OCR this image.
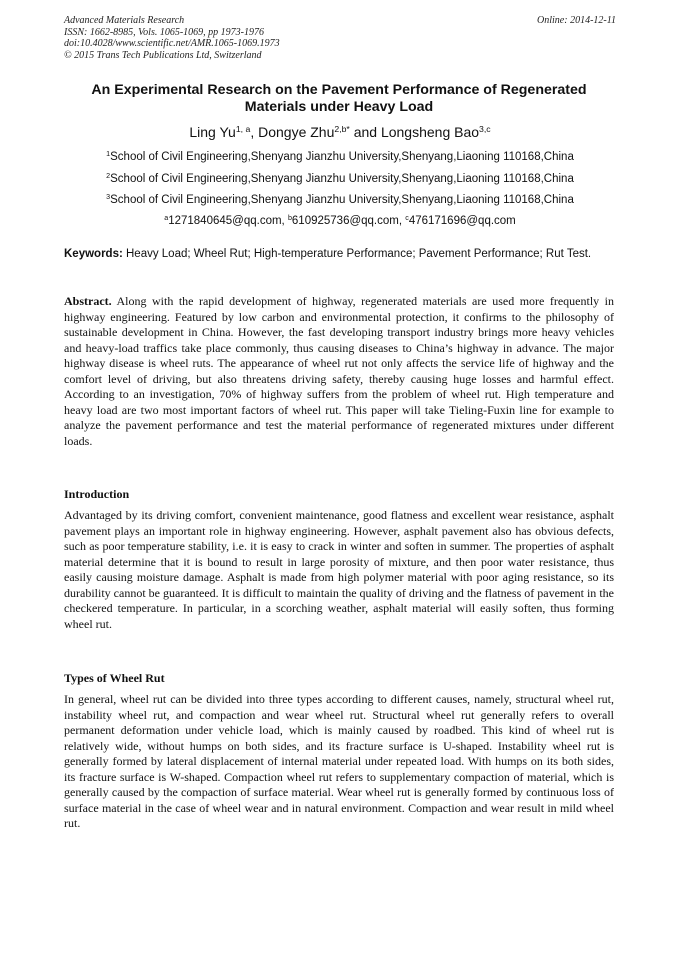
Advanced Materials Research
ISSN: 1662-8985, Vols. 1065-1069, pp 1973-1976
doi:10.4028/www.scientific.net/AMR.1065-1069.1973
© 2015 Trans Tech Publications Ltd, Switzerland
Online: 2014-12-11
An Experimental Research on the Pavement Performance of Regenerated Materials under Heavy Load
Ling Yu$^{1, a}$, Dongye Zhu$^{2,b*}$ and Longsheng Bao$^{3,c}$
$^1$School of Civil Engineering,Shenyang Jianzhu University,Shenyang,Liaoning 110168,China
$^2$School of Civil Engineering,Shenyang Jianzhu University,Shenyang,Liaoning 110168,China
$^3$School of Civil Engineering,Shenyang Jianzhu University,Shenyang,Liaoning 110168,China
$^a$1271840645@qq.com, $^b$610925736@qq.com, $^c$476171696@qq.com
Keywords: Heavy Load; Wheel Rut; High-temperature Performance; Pavement Performance; Rut Test.
Abstract. Along with the rapid development of highway, regenerated materials are used more frequently in highway engineering. Featured by low carbon and environmental protection, it confirms to the philosophy of sustainable development in China. However, the fast developing transport industry brings more heavy vehicles and heavy-load traffics take place commonly, thus causing diseases to China’s highway in advance. The major highway disease is wheel ruts. The appearance of wheel rut not only affects the service life of highway and the comfort level of driving, but also threatens driving safety, thereby causing huge losses and harmful effect. According to an investigation, 70% of highway suffers from the problem of wheel rut. High temperature and heavy load are two most important factors of wheel rut. This paper will take Tieling-Fuxin line for example to analyze the pavement performance and test the material performance of regenerated mixtures under different loads.
Introduction
Advantaged by its driving comfort, convenient maintenance, good flatness and excellent wear resistance, asphalt pavement plays an important role in highway engineering. However, asphalt pavement also has obvious defects, such as poor temperature stability, i.e. it is easy to crack in winter and soften in summer. The properties of asphalt material determine that it is bound to result in large porosity of mixture, and then poor water resistance, thus easily causing moisture damage. Asphalt is made from high polymer material with poor aging resistance, so its durability cannot be guaranteed. It is difficult to maintain the quality of driving and the flatness of pavement in the checkered temperature. In particular, in a scorching weather, asphalt material will easily soften, thus forming wheel rut.
Types of Wheel Rut
In general, wheel rut can be divided into three types according to different causes, namely, structural wheel rut, instability wheel rut, and compaction and wear wheel rut. Structural wheel rut generally refers to overall permanent deformation under vehicle load, which is mainly caused by roadbed. This kind of wheel rut is relatively wide, without humps on both sides, and its fracture surface is U-shaped. Instability wheel rut is generally formed by lateral displacement of internal material under repeated load. With humps on its both sides, its fracture surface is W-shaped. Compaction wheel rut refers to supplementary compaction of material, which is generally caused by the compaction of surface material. Wear wheel rut is generally formed by continuous loss of surface material in the case of wheel wear and in natural environment. Compaction and wear result in mild wheel rut.
